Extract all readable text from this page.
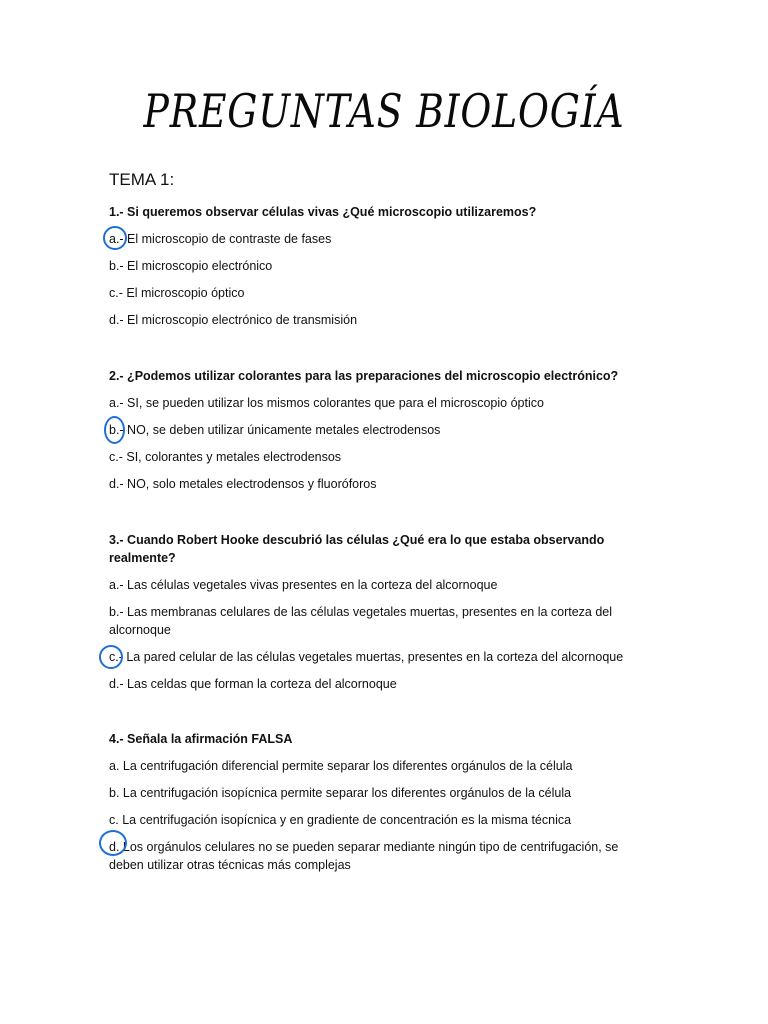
PREGUNTAS BIOLOGÍA
TEMA 1:

1.- Si queremos observar células vivas ¿Qué microscopio utilizaremos?

a.- El microscopio de contraste de fases

b.- El microscopio electrónico

c.- El microscopio óptico

d.- El microscopio electrónico de transmisión

2.- ¿Podemos utilizar colorantes para las preparaciones del microscopio electrónico?

a.- SI, se pueden utilizar los mismos colorantes que para el microscopio óptico

b.- NO, se deben utilizar únicamente metales electrodensos

c.- SI, colorantes y metales electrodensos

d.- NO, solo metales electrodensos y fluoróforos

3.- Cuando Robert Hooke descubrió las células ¿Qué era lo que estaba observando realmente?

a.- Las células vegetales vivas presentes en la corteza del alcornoque

b.- Las membranas celulares de las células vegetales muertas, presentes en la corteza del alcornoque

c.- La pared celular de las células vegetales muertas, presentes en la corteza del alcornoque

d.- Las celdas que forman la corteza del alcornoque

4.- Señala la afirmación FALSA

a. La centrifugación diferencial permite separar los diferentes orgánulos de la célula

b. La centrifugación isopícnica permite separar los diferentes orgánulos de la célula

c. La centrifugación isopícnica y en gradiente de concentración es la misma técnica

d. Los orgánulos celulares no se pueden separar mediante ningún tipo de centrifugación, se deben utilizar otras técnicas más complejas
